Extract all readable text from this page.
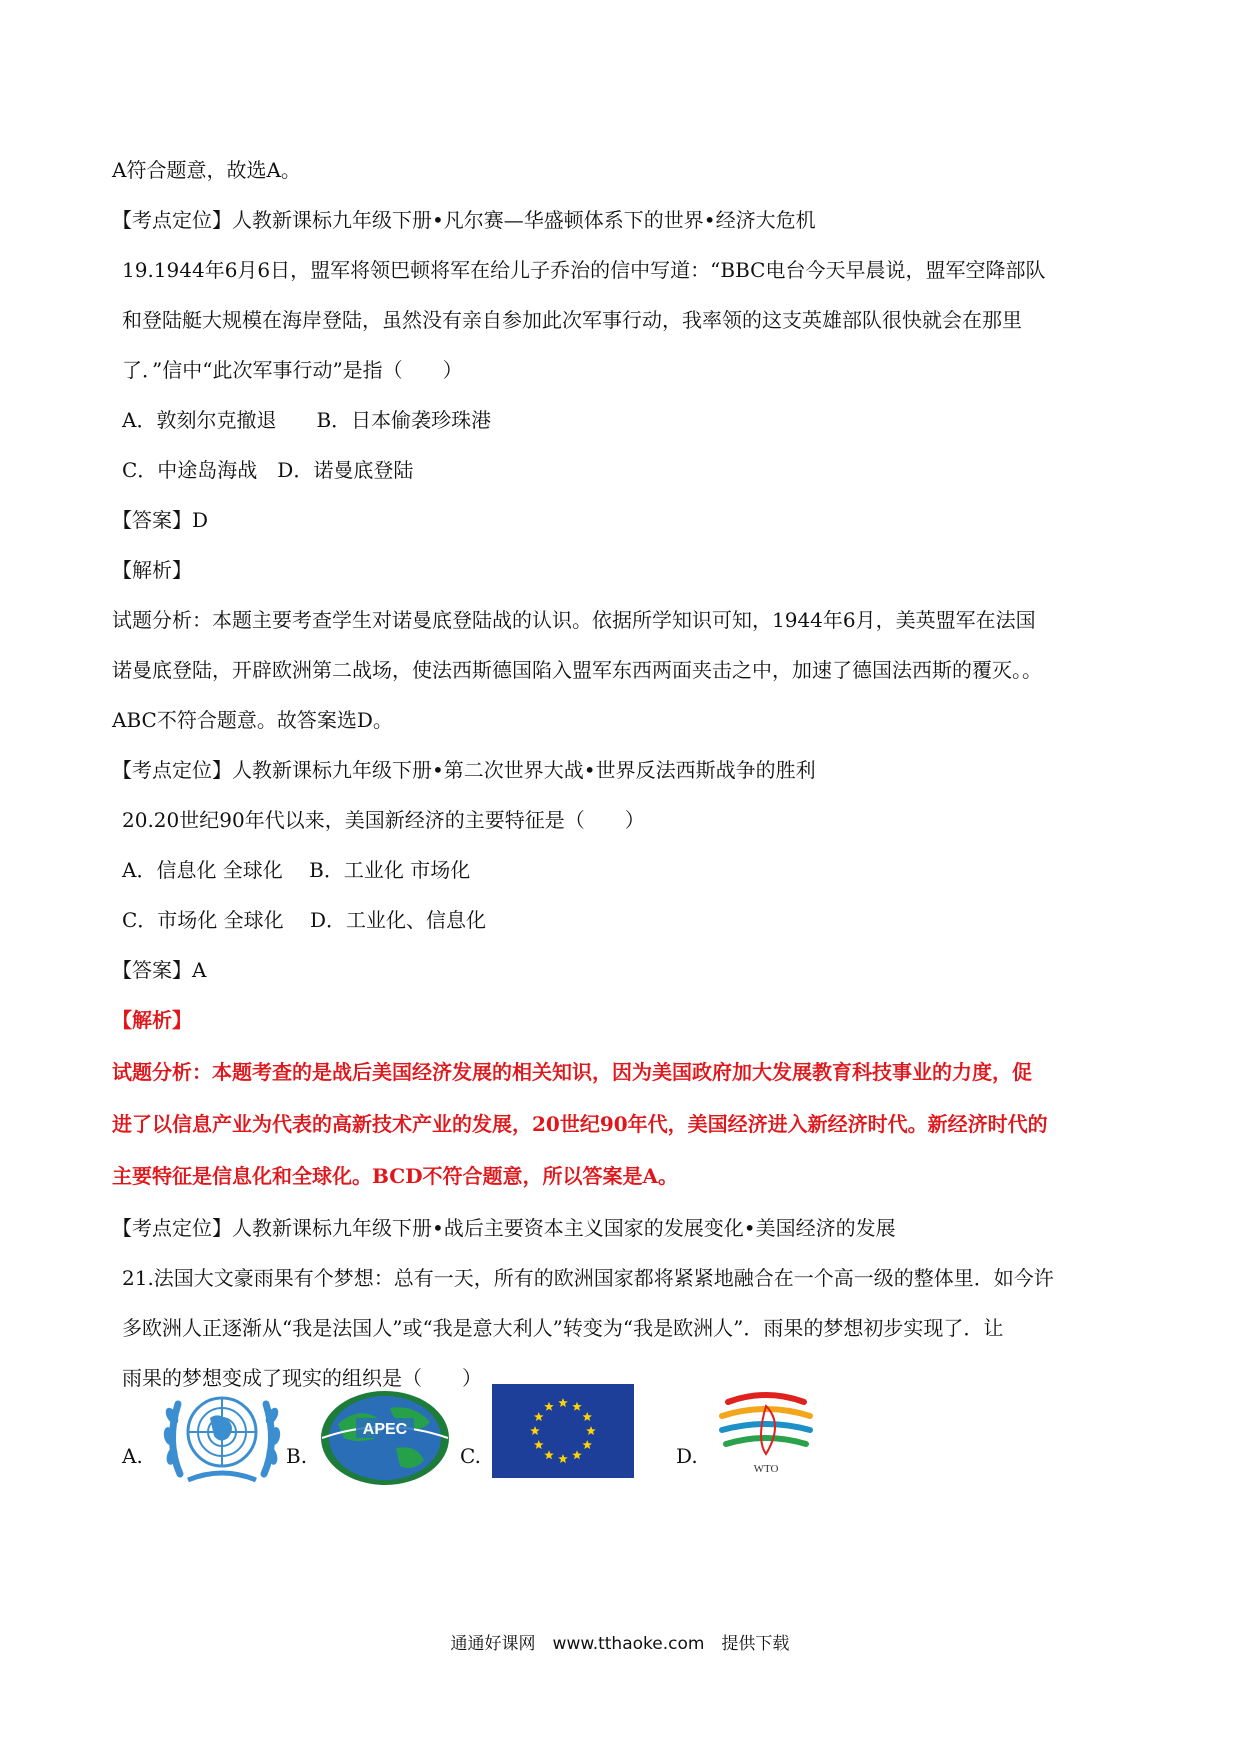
A符合题意，故选A。
【考点定位】人教新课标九年级下册•凡尔赛—华盛顿体系下的世界•经济大危机
19.1944年6月6日，盟军将领巴顿将军在给儿子乔治的信中写道：“BBC电台今天早晨说，盟军空降部队
和登陆艇大规模在海岸登陆，虽然没有亲自参加此次军事行动，我率领的这支英雄部队很快就会在那里
了．”信中“此次军事行动”是指（　　）
A．敦刻尔克撤退　　B．日本偷袭珍珠港
C．中途岛海战　D．诺曼底登陆
【答案】D
【解析】
试题分析：本题主要考查学生对诺曼底登陆战的认识。依据所学知识可知，1944年6月，美英盟军在法国
诺曼底登陆，开辟欧洲第二战场，使法西斯德国陷入盟军东西两面夹击之中，加速了德国法西斯的覆灭。。
ABC不符合题意。故答案选D。
【考点定位】人教新课标九年级下册•第二次世界大战•世界反法西斯战争的胜利
20.20世纪90年代以来，美国新经济的主要特征是（　　）
A．信息化 全球化　 B．工业化 市场化
C．市场化 全球化　 D．工业化、信息化
【答案】A
【解析】
试题分析：本题考查的是战后美国经济发展的相关知识，因为美国政府加大发展教育科技事业的力度，促
进了以信息产业为代表的高新技术产业的发展，20世纪90年代，美国经济进入新经济时代。新经济时代的
主要特征是信息化和全球化。BCD不符合题意，所以答案是A。
【考点定位】人教新课标九年级下册•战后主要资本主义国家的发展变化•美国经济的发展
21.法国大文豪雨果有个梦想：总有一天，所有的欧洲国家都将紧紧地融合在一个高一级的整体里．如今许
多欧洲人正逐渐从“我是法国人”或“我是意大利人”转变为“我是欧洲人”．雨果的梦想初步实现了．让
雨果的梦想变成了现实的组织是（　　）
A.	B.	C.	D.
APEC
WTO
通通好课网　www.tthaoke.com　提供下载
